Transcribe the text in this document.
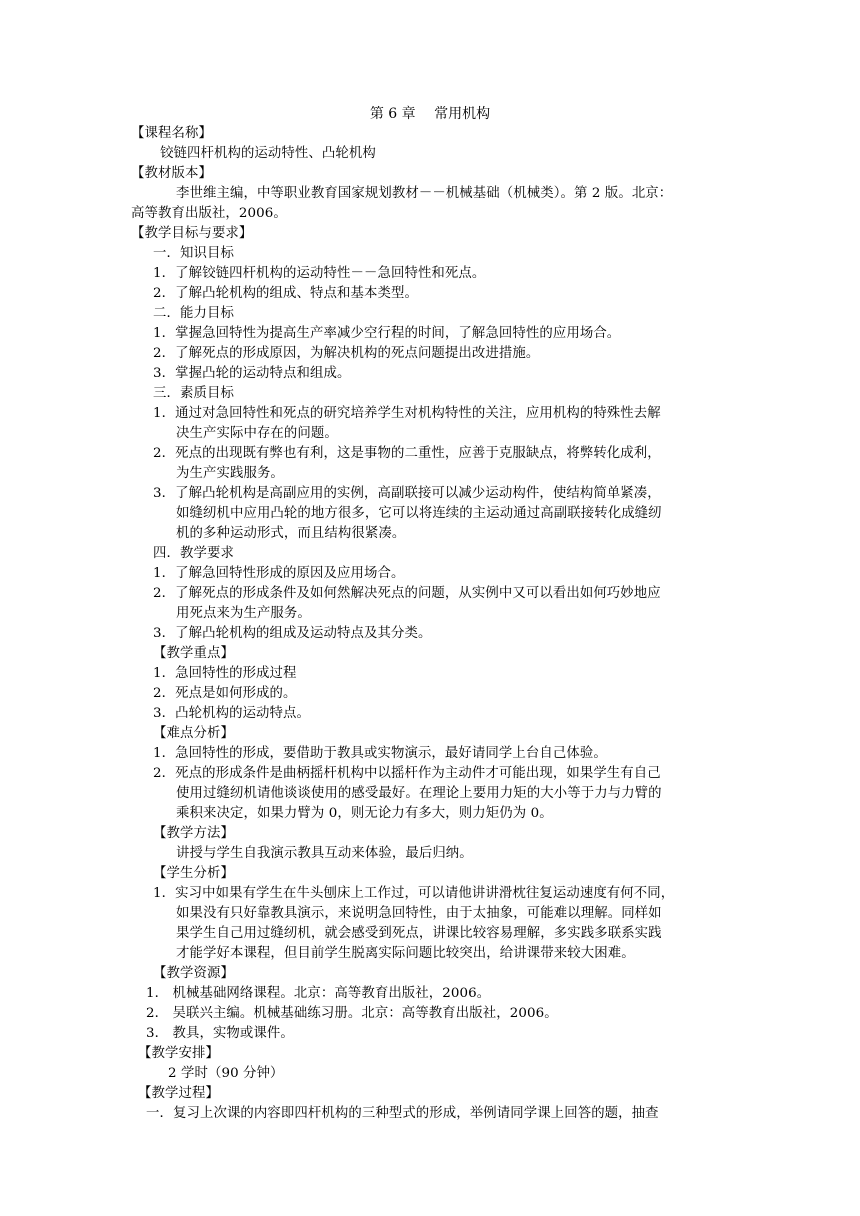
第 6 章　 常用机构
【课程名称】
铰链四杆机构的运动特性、凸轮机构
【教材版本】
李世维主编，中等职业教育国家规划教材－－机械基础（机械类）。第 2 版。北京：
高等教育出版社，2006。
【教学目标与要求】
一．知识目标
1．了解铰链四杆机构的运动特性－－急回特性和死点。
2．了解凸轮机构的组成、特点和基本类型。
二．能力目标
1．掌握急回特性为提高生产率减少空行程的时间，了解急回特性的应用场合。
2．了解死点的形成原因，为解决机构的死点问题提出改进措施。
3．掌握凸轮的运动特点和组成。
三．素质目标
1．通过对急回特性和死点的研究培养学生对机构特性的关注，应用机构的特殊性去解
决生产实际中存在的问题。
2．死点的出现既有弊也有利，这是事物的二重性，应善于克服缺点，将弊转化成利，
为生产实践服务。
3．了解凸轮机构是高副应用的实例，高副联接可以减少运动构件，使结构简单紧凑，
如缝纫机中应用凸轮的地方很多，它可以将连续的主运动通过高副联接转化成缝纫
机的多种运动形式，而且结构很紧凑。
四．教学要求
1．了解急回特性形成的原因及应用场合。
2．了解死点的形成条件及如何然解决死点的问题，从实例中又可以看出如何巧妙地应
用死点来为生产服务。
3．了解凸轮机构的组成及运动特点及其分类。
【教学重点】
1．急回特性的形成过程
2．死点是如何形成的。
3．凸轮机构的运动特点。
【难点分析】
1．急回特性的形成，要借助于教具或实物演示，最好请同学上台自己体验。
2．死点的形成条件是曲柄摇杆机构中以摇杆作为主动件才可能出现，如果学生有自己
使用过缝纫机请他谈谈使用的感受最好。在理论上要用力矩的大小等于力与力臂的
乘积来决定，如果力臂为 0，则无论力有多大，则力矩仍为 0。
【教学方法】
讲授与学生自我演示教具互动来体验，最后归纳。
【学生分析】
1．实习中如果有学生在牛头刨床上工作过，可以请他讲讲滑枕往复运动速度有何不同，
如果没有只好靠教具演示，来说明急回特性，由于太抽象，可能难以理解。同样如
果学生自己用过缝纫机，就会感受到死点，讲课比较容易理解，多实践多联系实践
才能学好本课程，但目前学生脱离实际问题比较突出，给讲课带来较大困难。
【教学资源】
1． 机械基础网络课程。北京：高等教育出版社，2006。
2． 吴联兴主编。机械基础练习册。北京：高等教育出版社，2006。
3． 教具，实物或课件。
【教学安排】
2 学时（90 分钟）
【教学过程】
一．复习上次课的内容即四杆机构的三种型式的形成，举例请同学课上回答的题，抽查
